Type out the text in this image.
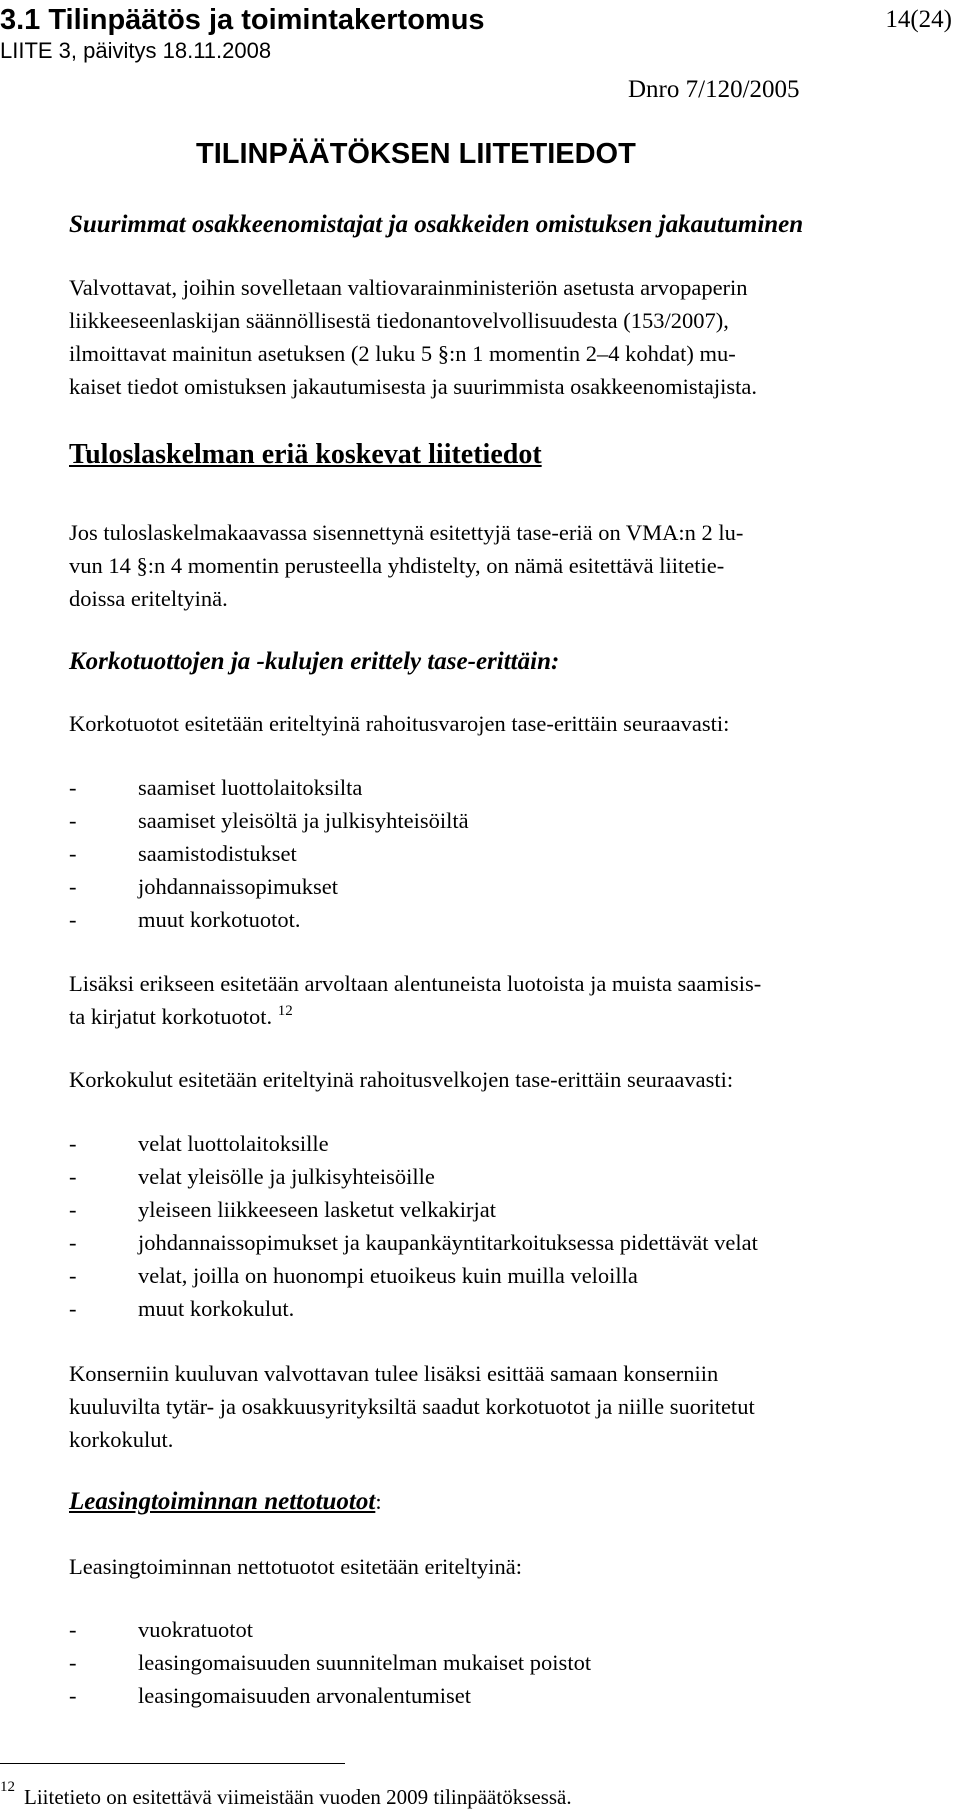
3.1 Tilinpäätös ja toimintakertomus
LIITE 3, päivitys 18.11.2008
14(24)
Dnro 7/120/2005
TILINPÄÄTÖKSEN LIITETIEDOT
Suurimmat osakkeenomistajat ja osakkeiden omistuksen jakautuminen
Valvottavat, joihin sovelletaan valtiovarainministeriön asetusta arvopaperin
liikkeeseenlaskijan säännöllisestä tiedonantovelvollisuudesta (153/2007),
ilmoittavat mainitun asetuksen (2 luku 5 §:n 1 momentin 2–4 kohdat) mu-
kaiset tiedot omistuksen jakautumisesta ja suurimmista osakkeenomistajista.
Tuloslaskelman eriä koskevat liitetiedot
Jos tuloslaskelmakaavassa sisennettynä esitettyjä tase-eriä on VMA:n 2 lu-
vun 14 §:n 4 momentin perusteella yhdistelty, on nämä esitettävä liitetie-
doissa eriteltyinä.
Korkotuottojen ja -kulujen erittely tase-erittäin:
Korkotuotot esitetään eriteltyinä rahoitusvarojen tase-erittäin seuraavasti:
-	saamiset luottolaitoksilta
-	saamiset yleisöltä ja julkisyhteisöiltä
-	saamistodistukset
-	johdannaissopimukset
-	muut korkotuotot.
Lisäksi erikseen esitetään arvoltaan alentuneista luotoista ja muista saamisis-
ta kirjatut korkotuotot. $^{12}$
Korkokulut esitetään eriteltyinä rahoitusvelkojen tase-erittäin seuraavasti:
-	velat luottolaitoksille
-	velat yleisölle ja julkisyhteisöille
-	yleiseen liikkeeseen lasketut velkakirjat
-	johdannaissopimukset ja kaupankäyntitarkoituksessa pidettävät velat
-	velat, joilla on huonompi etuoikeus kuin muilla veloilla
-	muut korkokulut.
Konserniin kuuluvan valvottavan tulee lisäksi esittää samaan konserniin
kuuluvilta tytär- ja osakkuusyrityksiltä saadut korkotuotot ja niille suoritetut
korkokulut.
Leasingtoiminnan nettotuotot:
Leasingtoiminnan nettotuotot esitetään eriteltyinä:
-	vuokratuotot
-	leasingomaisuuden suunnitelman mukaiset poistot
-	leasingomaisuuden arvonalentumiset
12 Liitetieto on esitettävä viimeistään vuoden 2009 tilinpäätöksessä.
